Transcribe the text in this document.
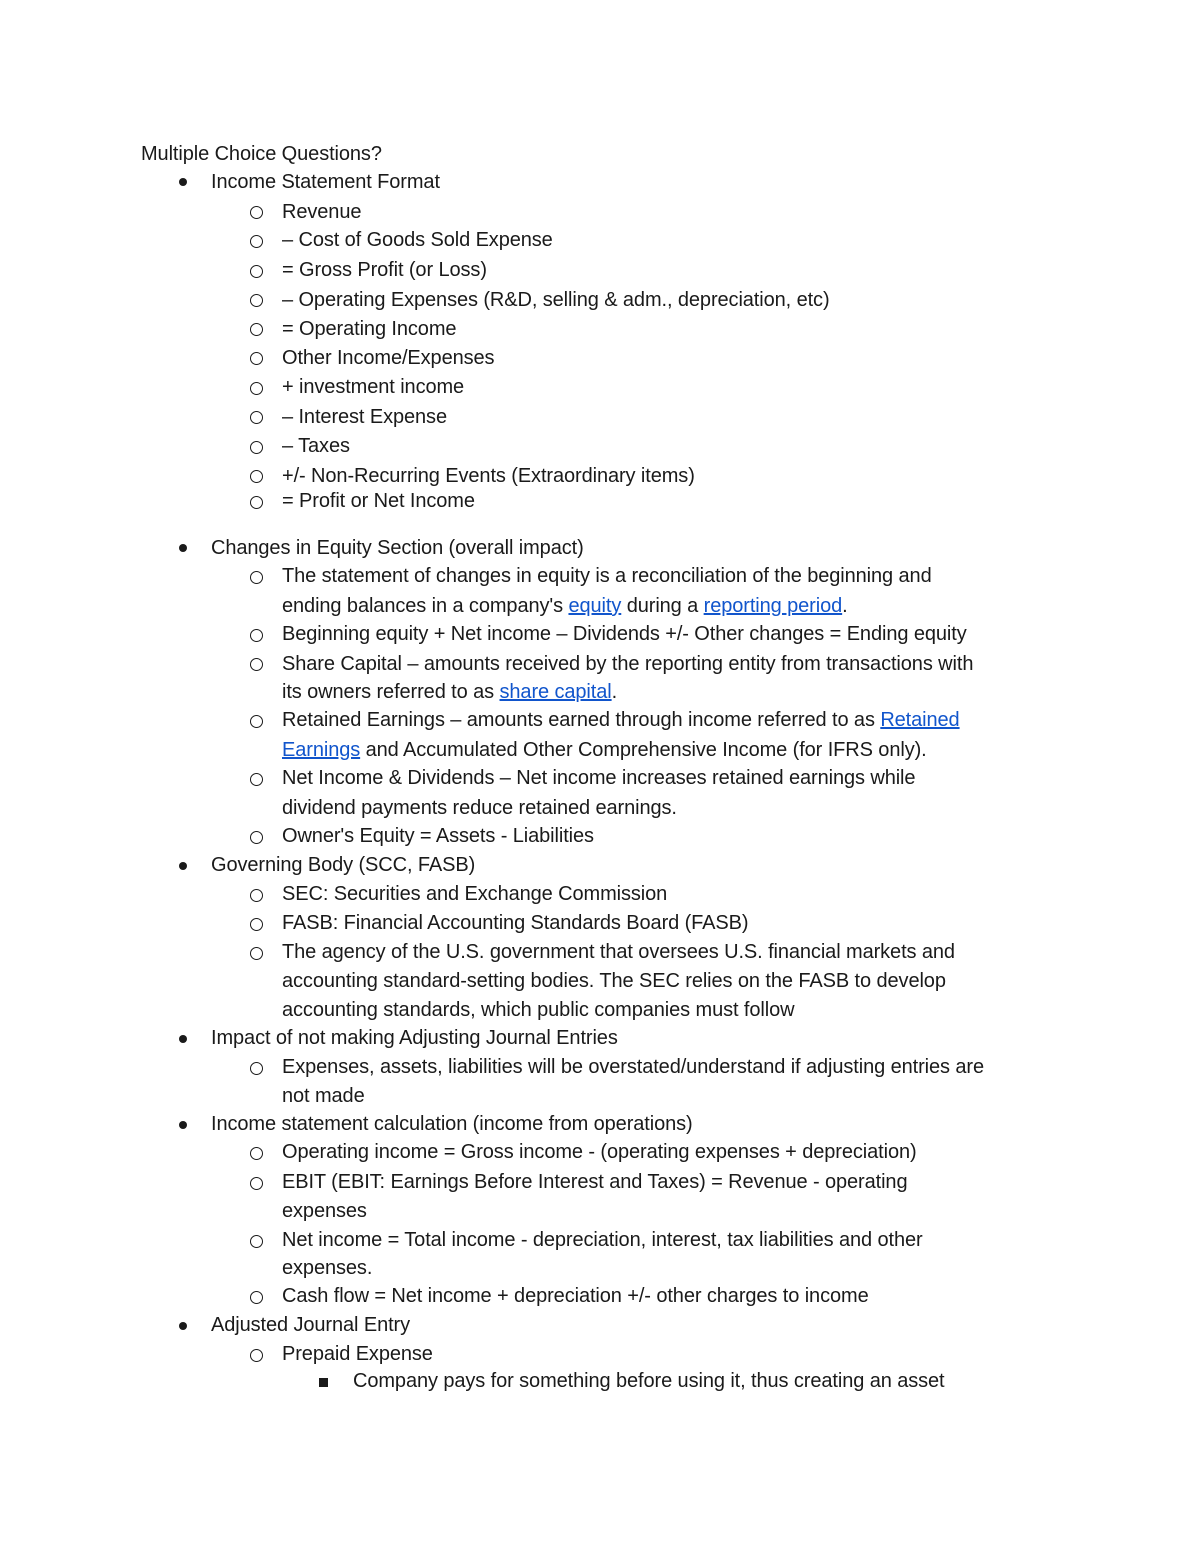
Multiple Choice Questions?
Income Statement Format
Revenue
– Cost of Goods Sold Expense
= Gross Profit (or Loss)
– Operating Expenses (R&D, selling & adm., depreciation, etc)
= Operating Income
Other Income/Expenses
+ investment income
– Interest Expense
– Taxes
+/- Non-Recurring Events (Extraordinary items)
= Profit or Net Income
Changes in Equity Section (overall impact)
The statement of changes in equity is a reconciliation of the beginning and
ending balances in a company's equity during a reporting period.
Beginning equity + Net income – Dividends +/- Other changes = Ending equity
Share Capital – amounts received by the reporting entity from transactions with
its owners referred to as share capital.
Retained Earnings – amounts earned through income referred to as Retained
Earnings and Accumulated Other Comprehensive Income (for IFRS only).
Net Income & Dividends – Net income increases retained earnings while
dividend payments reduce retained earnings.
Owner's Equity = Assets - Liabilities
Governing Body (SCC, FASB)
SEC: Securities and Exchange Commission
FASB: Financial Accounting Standards Board (FASB)
The agency of the U.S. government that oversees U.S. financial markets and
accounting standard-setting bodies. The SEC relies on the FASB to develop
accounting standards, which public companies must follow
Impact of not making Adjusting Journal Entries
Expenses, assets, liabilities will be overstated/understand if adjusting entries are
not made
Income statement calculation (income from operations)
Operating income = Gross income - (operating expenses + depreciation)
EBIT (EBIT: Earnings Before Interest and Taxes) = Revenue - operating
expenses
Net income = Total income - depreciation, interest, tax liabilities and other
expenses.
Cash flow = Net income + depreciation +/- other charges to income
Adjusted Journal Entry
Prepaid Expense
Company pays for something before using it, thus creating an asset
